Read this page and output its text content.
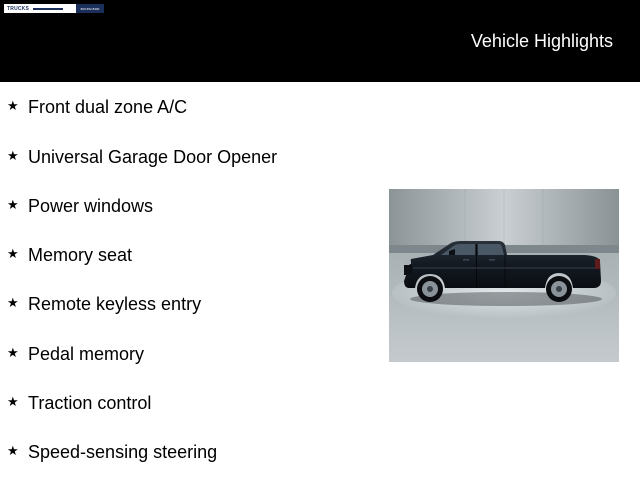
TRUCKS	800-552-8300
Vehicle Highlights
★ Front dual zone A/C
★ Universal Garage Door Opener
★ Power windows
★ Memory seat
★ Remote keyless entry
★ Pedal memory
★ Traction control
★ Speed-sensing steering
